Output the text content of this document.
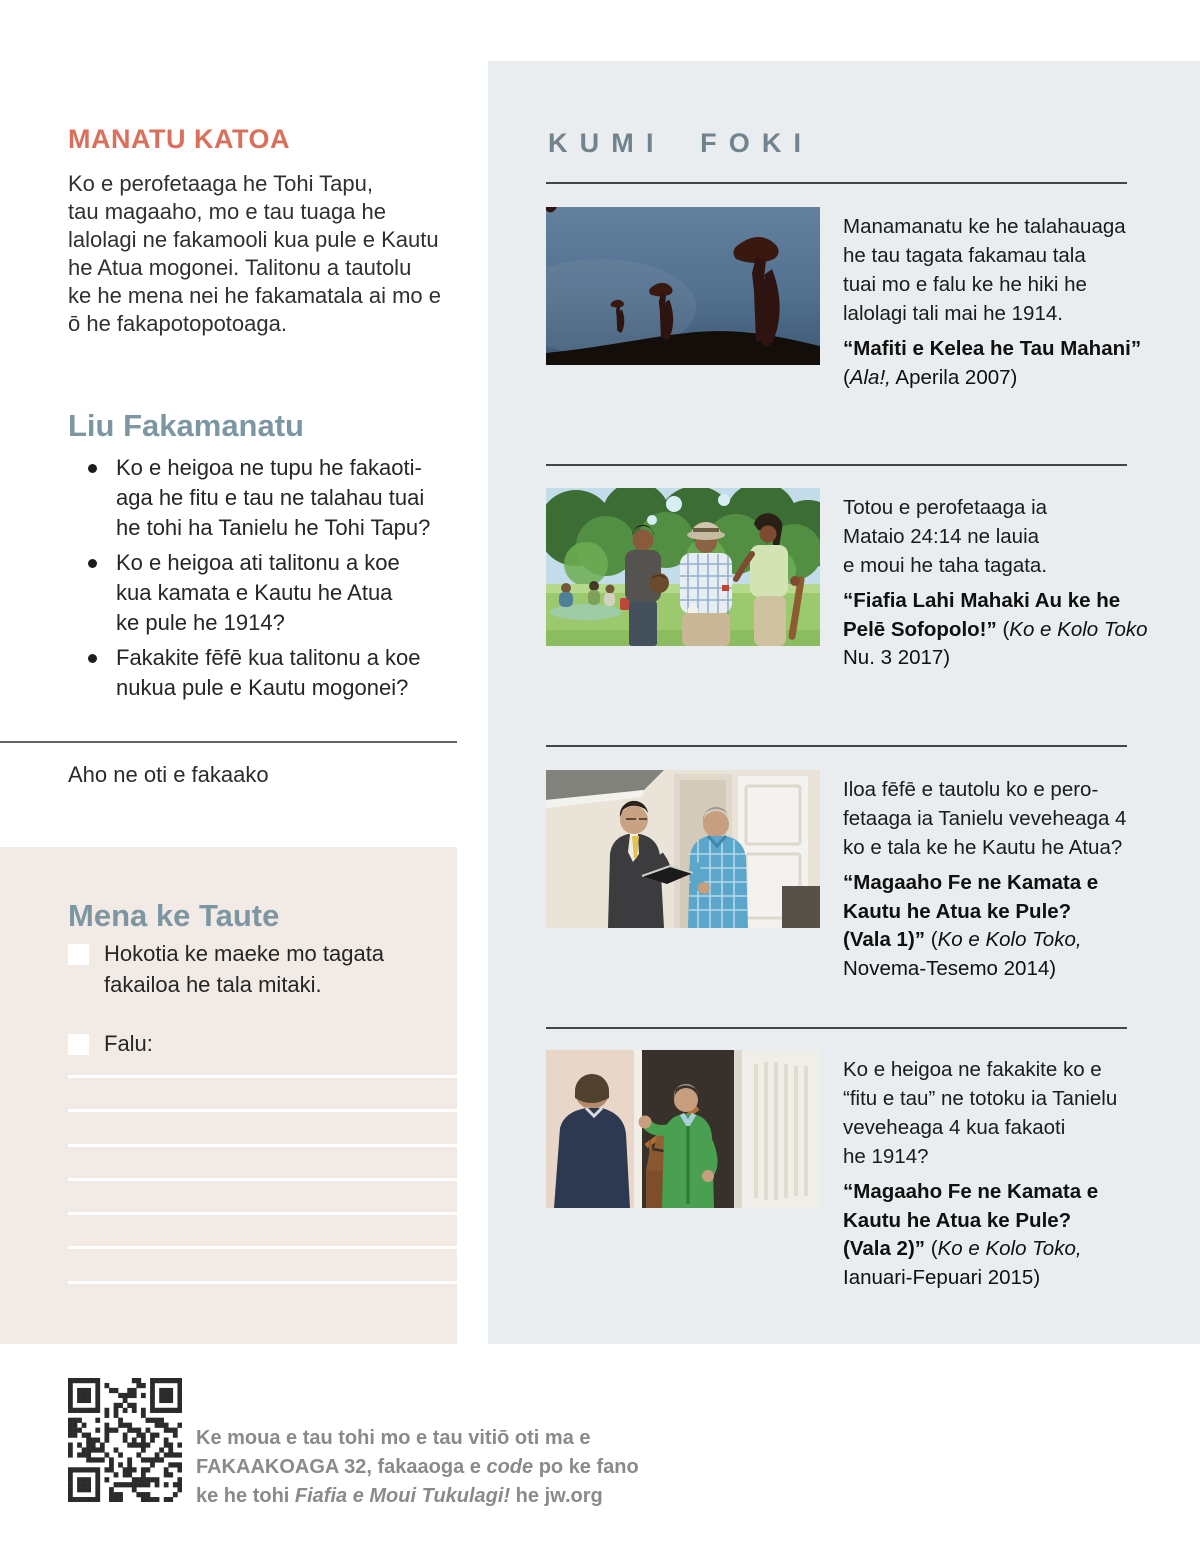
MANATU KATOA
Ko e perofetaaga he Tohi Tapu,
tau magaaho, mo e tau tuaga he
lalolagi ne fakamooli kua pule e Kautu
he Atua mogonei. Talitonu a tautolu
ke he mena nei he fakamatala ai mo e
ō he fakapotopotoaga.
Liu Fakamanatu
Ko e heigoa ne tupu he fakaoti-
aga he fitu e tau ne talahau tuai
he tohi ha Tanielu he Tohi Tapu?
Ko e heigoa ati talitonu a koe
kua kamata e Kautu he Atua
ke pule he 1914?
Fakakite fēfē kua talitonu a koe
nukua pule e Kautu mogonei?
Aho ne oti e fakaako
Mena ke Taute
Hokotia ke maeke mo tagata
fakailoa he tala mitaki.
Falu:
KUMI FOKI
Manamanatu ke he talahauaga
he tau tagata fakamau tala
tuai mo e falu ke he hiki he
lalolagi tali mai he 1914.
“Mafiti e Kelea he Tau Mahani”
(Ala!, Aperila 2007)
Totou e perofetaaga ia
Mataio 24:14 ne lauia
e moui he taha tagata.
“Fiafia Lahi Mahaki Au ke he
Pelē Sofopolo!” (Ko e Kolo Toko
Nu. 3 2017)
Iloa fēfē e tautolu ko e pero-
fetaaga ia Tanielu veveheaga 4
ko e tala ke he Kautu he Atua?
“Magaaho Fe ne Kamata e
Kautu he Atua ke Pule?
(Vala 1)” (Ko e Kolo Toko,
Novema-Tesemo 2014)
Ko e heigoa ne fakakite ko e
“fitu e tau” ne totoku ia Tanielu
veveheaga 4 kua fakaoti
he 1914?
“Magaaho Fe ne Kamata e
Kautu he Atua ke Pule?
(Vala 2)” (Ko e Kolo Toko,
Ianuari-Fepuari 2015)
Ke moua e tau tohi mo e tau vitiō oti ma e
FAKAAKOAGA 32, fakaaoga e code po ke fano
ke he tohi Fiafia e Moui Tukulagi! he jw.org
